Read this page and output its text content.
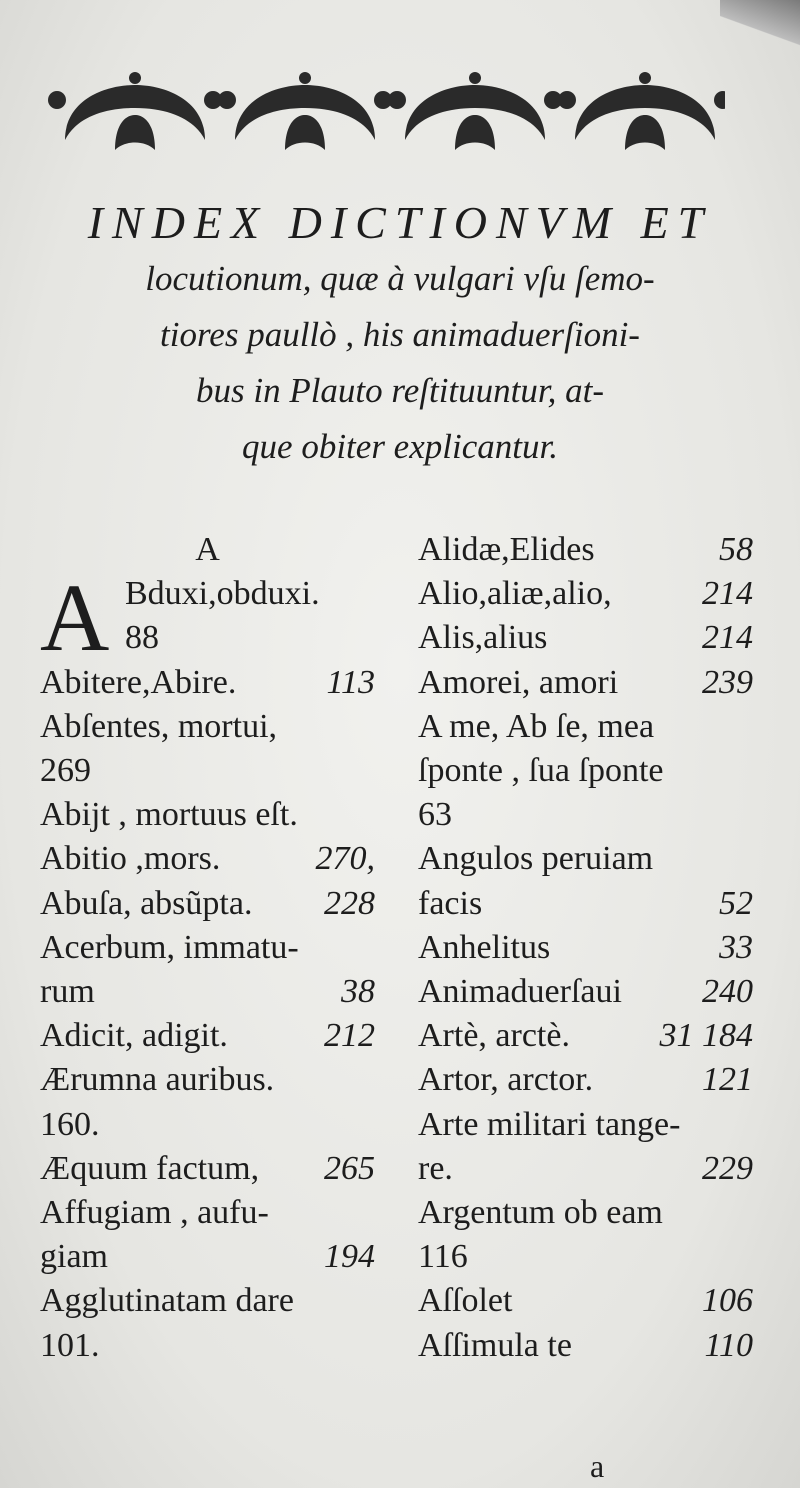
INDEX DICTIONVM ET
locutionum, quæ à vulgari vſu ſemo-
tiores paullò , his animaduerſioni-
bus in Plauto reſtituuntur, at-
que obiter explicantur.
A
A Bduxi,obduxi.
88
Abitere,Abire.	113
Abſentes, mortui,
269
Abijt , mortuus eſt.
Abitio ,mors.	270,
Abuſa, absũpta.	228
Acerbum, immatu-
rum	38
Adicit, adigit.	212
Ærumna auribus.
160.
Æquum factum,	265
Affugiam , aufu-
giam	194
Agglutinatam dare
101.
Alidæ,Elides	58
Alio,aliæ,alio,	214
Alis,alius	214
Amorei, amori	239
A me, Ab ſe, mea
ſponte , ſua ſponte
63
Angulos peruiam
facis	52
Anhelitus	33
Animaduerſaui	240
Artè, arctè.	31 184
Artor, arctor.	121
Arte militari tange-
re.	229
Argentum ob eam
116
Aſſolet	106
Aſſimula te	110
a
